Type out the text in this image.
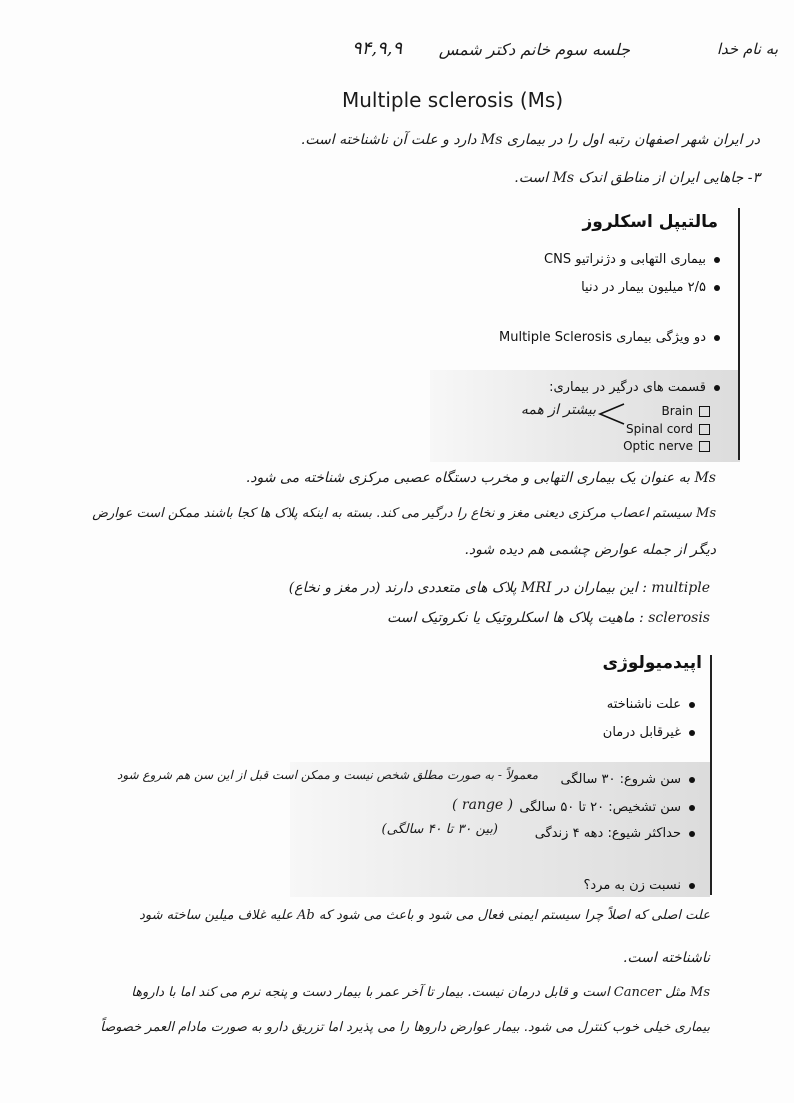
۹۴,۹,۹ جلسه سوم خانم دکتر شمس	به نام خدا
Multiple sclerosis (Ms)
در ایران شهر اصفهان رتبه اول را در بیماری Ms دارد و علت آن ناشناخته است.
۳- جاهایی ایران از مناطق اندک Ms است.
مالتیپل اسکلروز
بیماری التهابی و دژنراتیو CNS
۲/۵ میلیون بیمار در دنیا
دو ویژگی بیماری Multiple Sclerosis
قسمت های درگیر در بیماری:
Brain
Spinal cord
Optic nerve
بیشتر از همه
Ms به عنوان یک بیماری التهابی و مخرب دستگاه عصبی مرکزی شناخته می شود.
Ms سیستم اعصاب مرکزی دیعنی مغز و نخاع را درگیر می کند. بسته به اینکه پلاک ها کجا باشند ممکن است عوارض
دیگر از جمله عوارض چشمی هم دیده شود.
multiple : این بیماران در MRI پلاک های متعددی دارند (در مغز و نخاع)
sclerosis : ماهیت پلاک ها اسکلروتیک یا نکروتیک است
اپیدمیولوژی
علت ناشناخته
غیرقابل درمان
سن شروع: ۳۰ سالگی
معمولاً - به صورت مطلق شخص نیست و ممکن است قبل از این سن هم شروع شود
سن تشخیص: ۲۰ تا ۵۰ سالگی
( range )
حداکثر شیوع: دهه ۴ زندگی
(بین ۳۰ تا ۴۰ سالگی)
نسبت زن به مرد؟
علت اصلی که اصلاً چرا سیستم ایمنی فعال می شود و باعث می شود که Ab علیه غلاف میلین ساخته شود
ناشناخته است.
Ms مثل Cancer است و قابل درمان نیست. بیمار تا آخر عمر با بیمار دست و پنجه نرم می کند اما با داروها
بیماری خیلی خوب کنترل می شود. بیمار عوارض داروها را می پذیرد اما تزریق دارو به صورت مادام العمر خصوصاً
